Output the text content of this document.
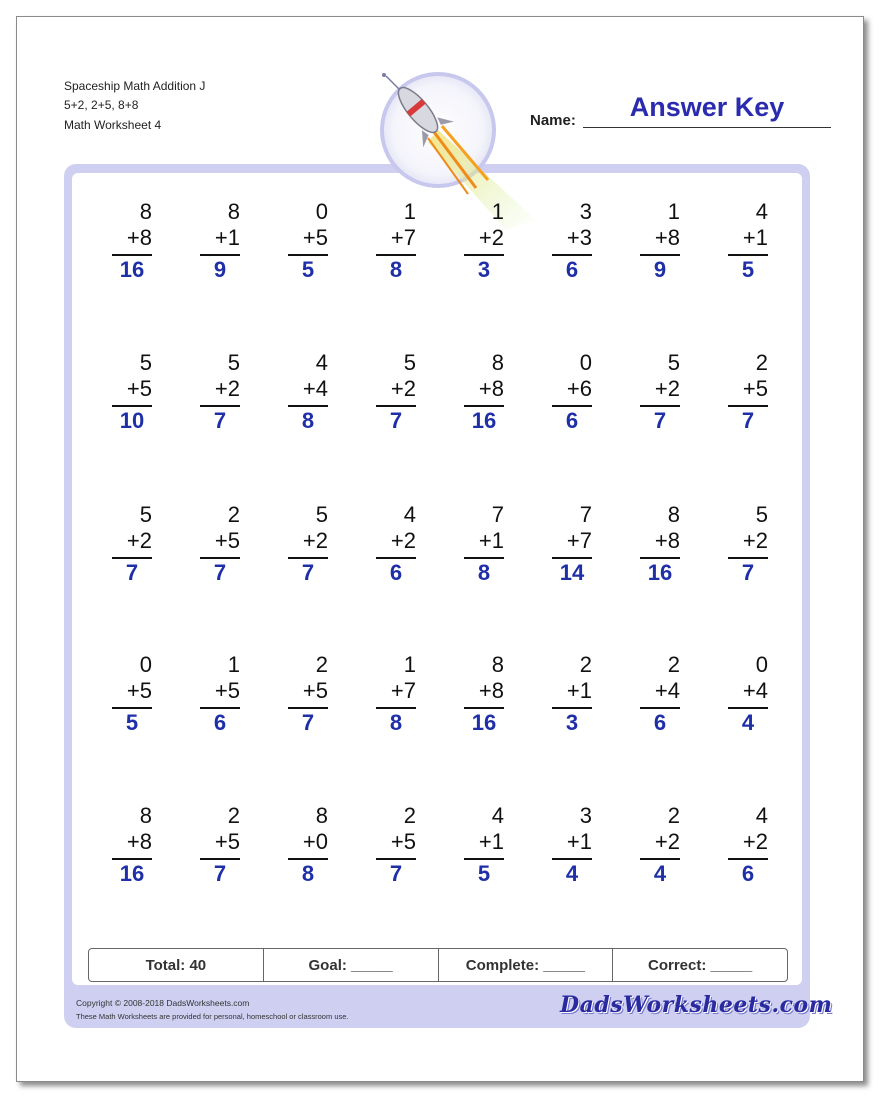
Spaceship Math Addition J
5+2, 2+5, 8+8
Math Worksheet 4	Name:	Answer Key
8
+8
16
8
+1
9
0
+5
5
1
+7
8
1
+2
3
3
+3
6
1
+8
9
4
+1
5
5
+5
10
5
+2
7
4
+4
8
5
+2
7
8
+8
16
0
+6
6
5
+2
7
2
+5
7
5
+2
7
2
+5
7
5
+2
7
4
+2
6
7
+1
8
7
+7
14
8
+8
16
5
+2
7
0
+5
5
1
+5
6
2
+5
7
1
+7
8
8
+8
16
2
+1
3
2
+4
6
0
+4
4
8
+8
16
2
+5
7
8
+0
8
2
+5
7
4
+1
5
3
+1
4
2
+2
4
4
+2
6
Total: 40	Goal: _____	Complete: _____	Correct: _____
Copyright © 2008-2018 DadsWorksheets.com
These Math Worksheets are provided for personal, homeschool or classroom use.	DadsWorksheets.com
